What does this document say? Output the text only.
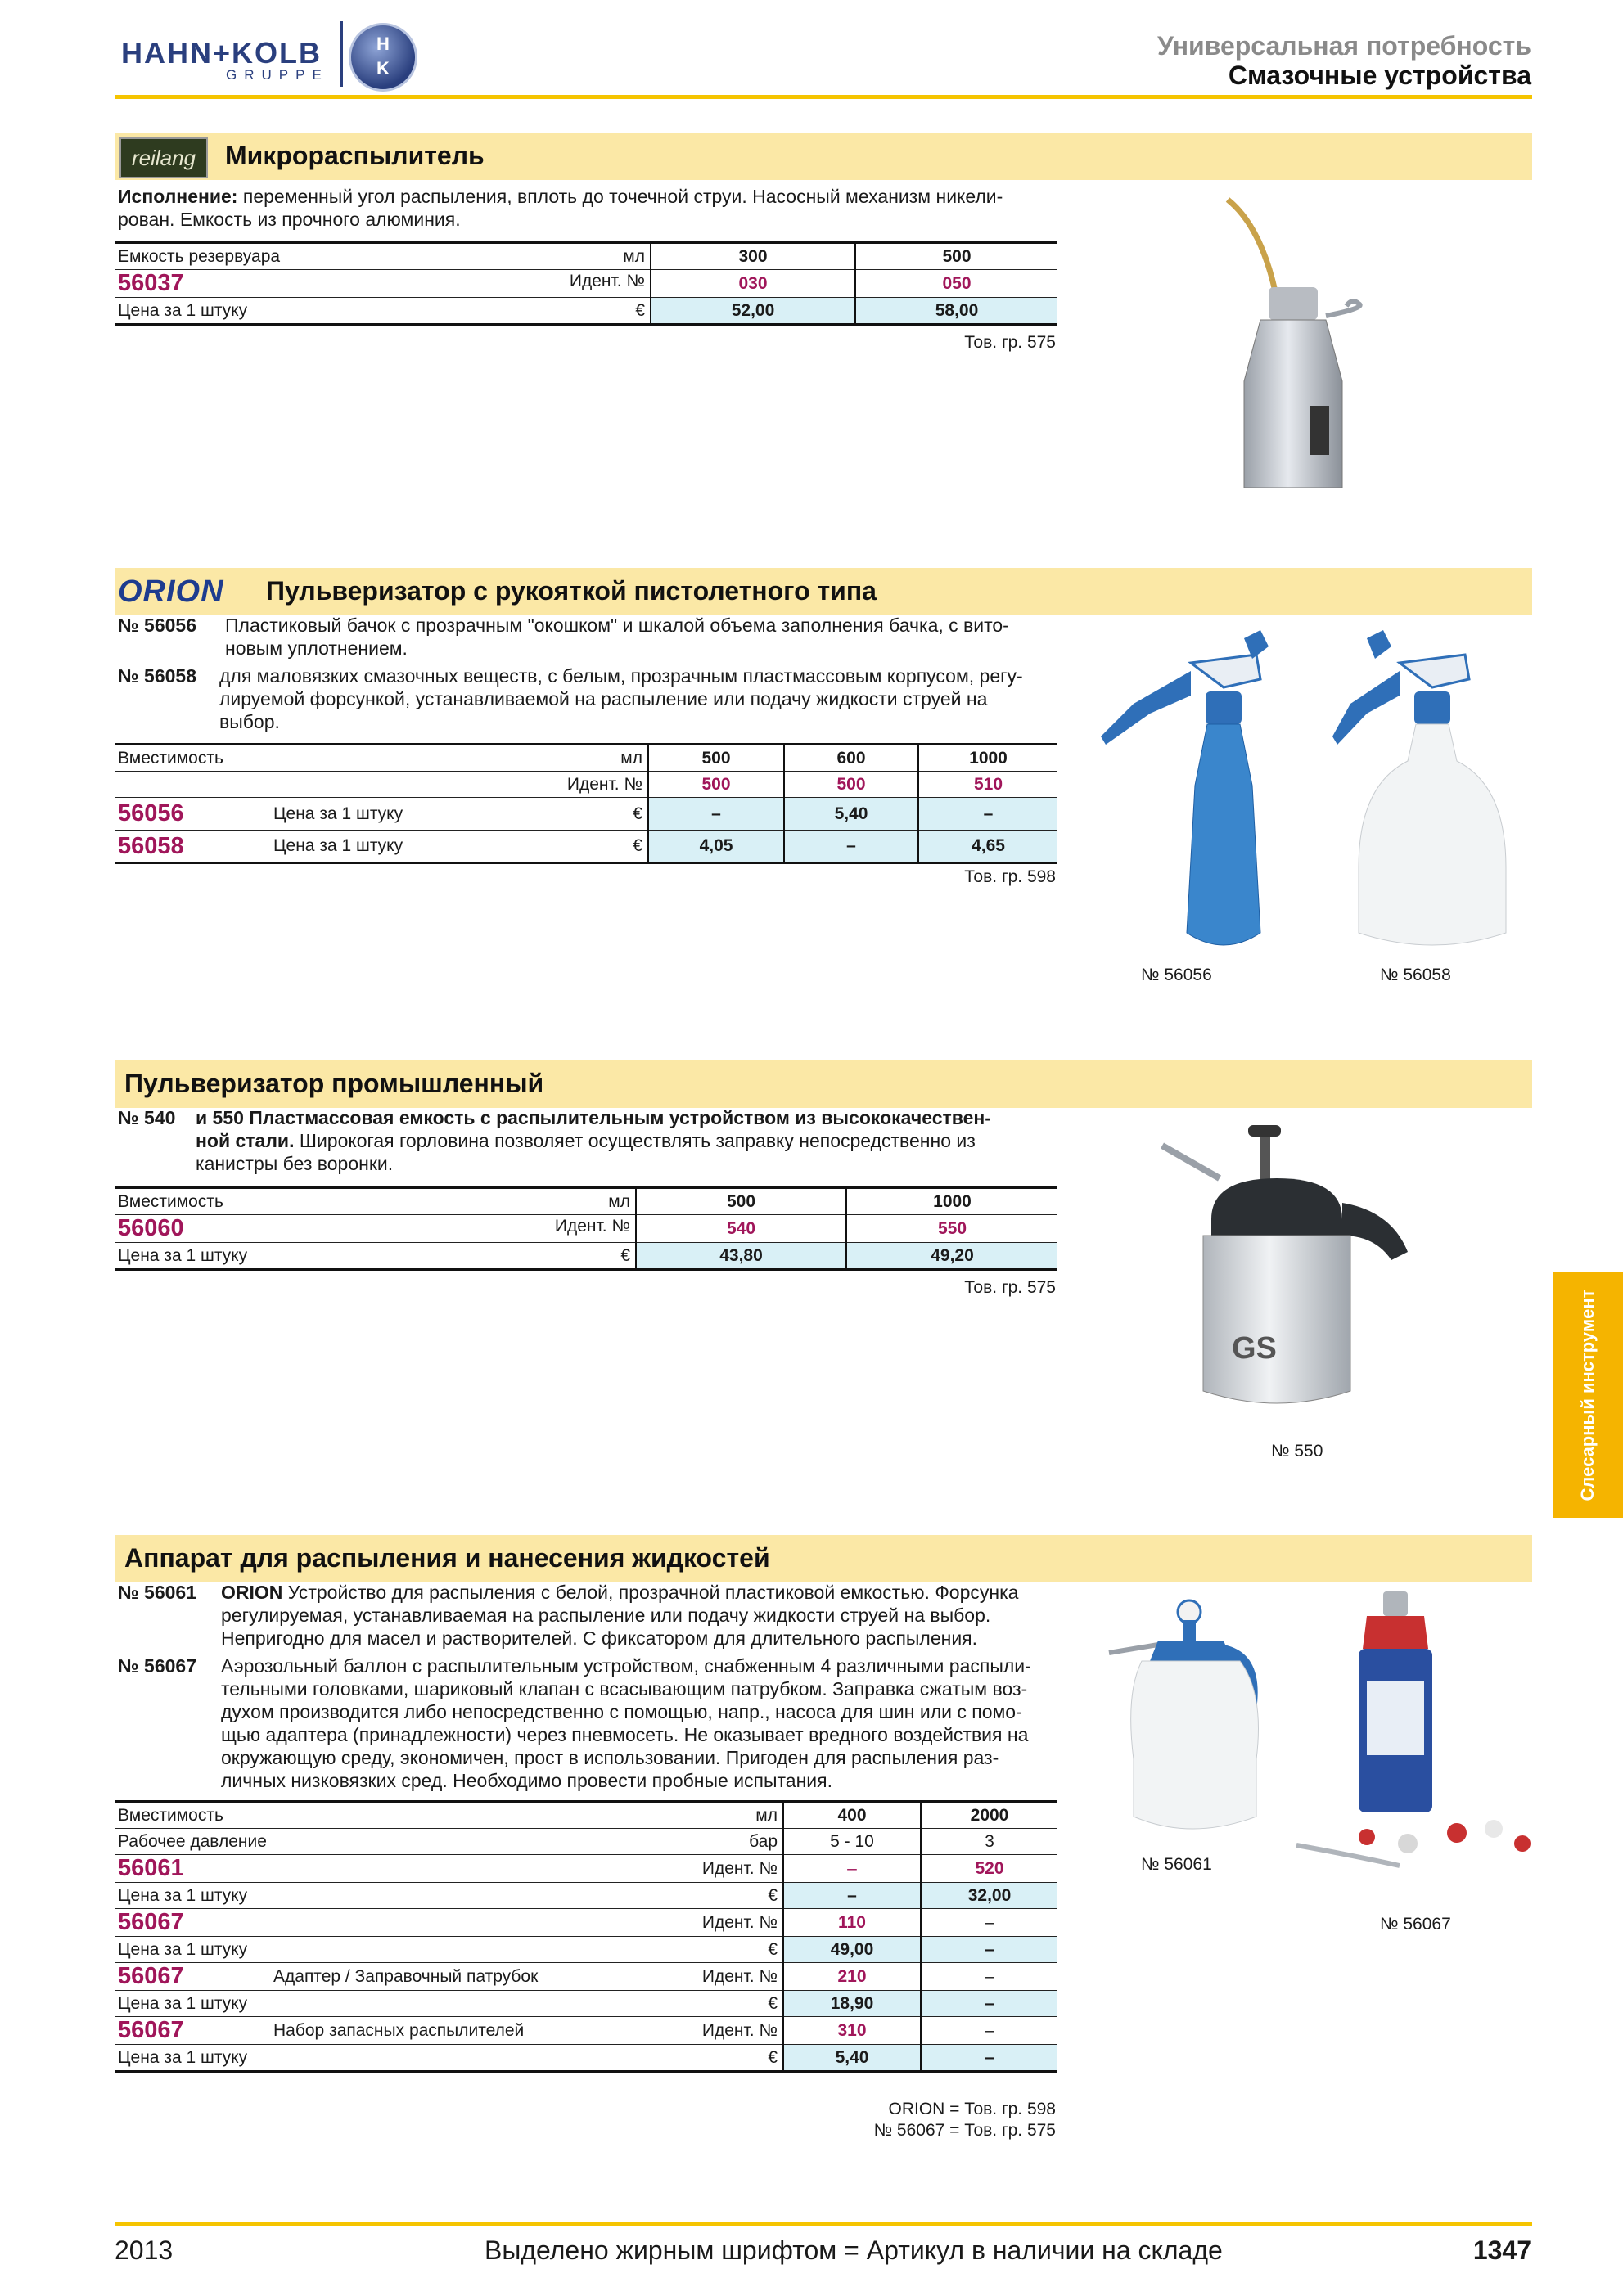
HAHN+KOLB
GRUPPE
H
K
Универсальная потребность
Смазочные устройства
reilang	Микрораспылитель
Исполнение: переменный угол распыления, вплоть до точечной струи. Насосный механизм никели-
рован. Емкость из прочного алюминия.
Емкость резервуара мл	300	500
56037 Идент. №	030	050
Цена за 1 штуку €	52,00	58,00
Тов. гр. 575
ORION Пульверизатор с рукояткой пистолетного типа
№ 56056	Пластиковый бачок с прозрачным "окошком" и шкалой объема заполнения бачка, с вито-
новым уплотнением.
№ 56058	для маловязких смазочных веществ, с белым, прозрачным пластмассовым корпусом, регу-
лируемой форсункой, устанавливаемой на распыление или подачу жидкости струей на
выбор.
Вместимость мл		500	600	1000
Идент. №		500	500	510
56056	Цена за 1 штуку €	–	5,40	–
56058	Цена за 1 штуку €	4,05	–	4,65
Тов. гр. 598
№ 56056	№ 56058
Пульверизатор промышленный
№ 540	и 550 Пластмассовая емкость с распылительным устройством из высококачествен-
ной стали. Широкогая горловина позволяет осуществлять заправку непосредственно из
канистры без воронки.
Вместимость мл	500	1000
56060 Идент. №	540	550
Цена за 1 штуку €	43,80	49,20
Тов. гр. 575
GS
№ 550	Слесарный инструмент
Аппарат для распыления и нанесения жидкостей
№ 56061	ORION Устройство для распыления с белой, прозрачной пластиковой емкостью. Форсунка
регулируемая, устанавливаемая на распыление или подачу жидкости струей на выбор.
Непригодно для масел и растворителей. С фиксатором для длительного распыления.
№ 56067	Аэрозольный баллон с распылительным устройством, снабженным 4 различными распыли-
тельными головками, шариковый клапан с всасывающим патрубком. Заправка сжатым воз-
духом производится либо непосредственно с помощью, напр., насоса для шин или с помо-
щью адаптера (принадлежности) через пневмосеть. Не оказывает вредного воздействия на
окружающую среду, экономичен, прост в использовании. Пригоден для распыления раз-
личных низковязких сред. Необходимо провести пробные испытания.
Вместимость мл		400	2000
Рабочее давление бар		5 - 10	3
56061	Идент. №	–	520
Цена за 1 штуку €		–	32,00
56067	Идент. №	110	–
Цена за 1 штуку €		49,00	–
56067	Адаптер / Заправочный патрубок Идент. №	210	–
Цена за 1 штуку €		18,90	–
56067	Набор запасных распылителей Идент. №	310	–
Цена за 1 штуку €		5,40	–
ORION = Тов. гр. 598
№ 56067 = Тов. гр. 575
№ 56061
№ 56067
2013	Выделено жирным шрифтом = Артикул в наличии на складе	1347
